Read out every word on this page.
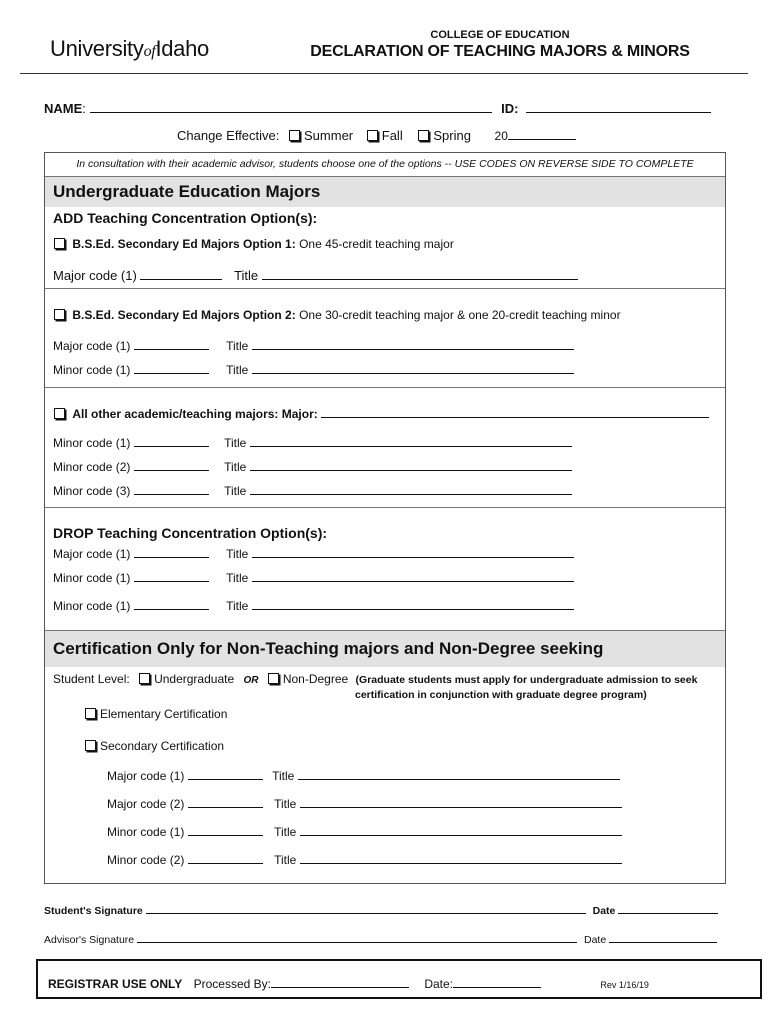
UniversityofIdaho
COLLEGE OF EDUCATION
DECLARATION OF TEACHING MAJORS & MINORS
NAME:	ID:
Change Effective: Summer Fall Spring 20
In consultation with their academic advisor, students choose one of the options -- USE CODES ON REVERSE SIDE TO COMPLETE
Undergraduate Education Majors
ADD Teaching Concentration Option(s):
B.S.Ed. Secondary Ed Majors Option 1: One 45-credit teaching major
Major code (1)	Title
B.S.Ed. Secondary Ed Majors Option 2: One 30-credit teaching major & one 20-credit teaching minor
Major code (1)	Title
Minor code (1)	Title
All other academic/teaching majors: Major:
Minor code (1)	Title
Minor code (2)	Title
Minor code (3)	Title
DROP Teaching Concentration Option(s):
Major code (1)	Title
Minor code (1)	Title
Minor code (1)	Title
Certification Only for Non-Teaching majors and Non-Degree seeking
Student Level: Undergraduate OR Non-Degree (Graduate students must apply for undergraduate admission to seek
certification in conjunction with graduate degree program)
Elementary Certification
Secondary Certification
Major code (1)	Title
Major code (2)	Title
Minor code (1)	Title
Minor code (2)	Title
Student's Signature	Date
Advisor's Signature	Date
REGISTRAR USE ONLY Processed By:	Date:	Rev 1/16/19
